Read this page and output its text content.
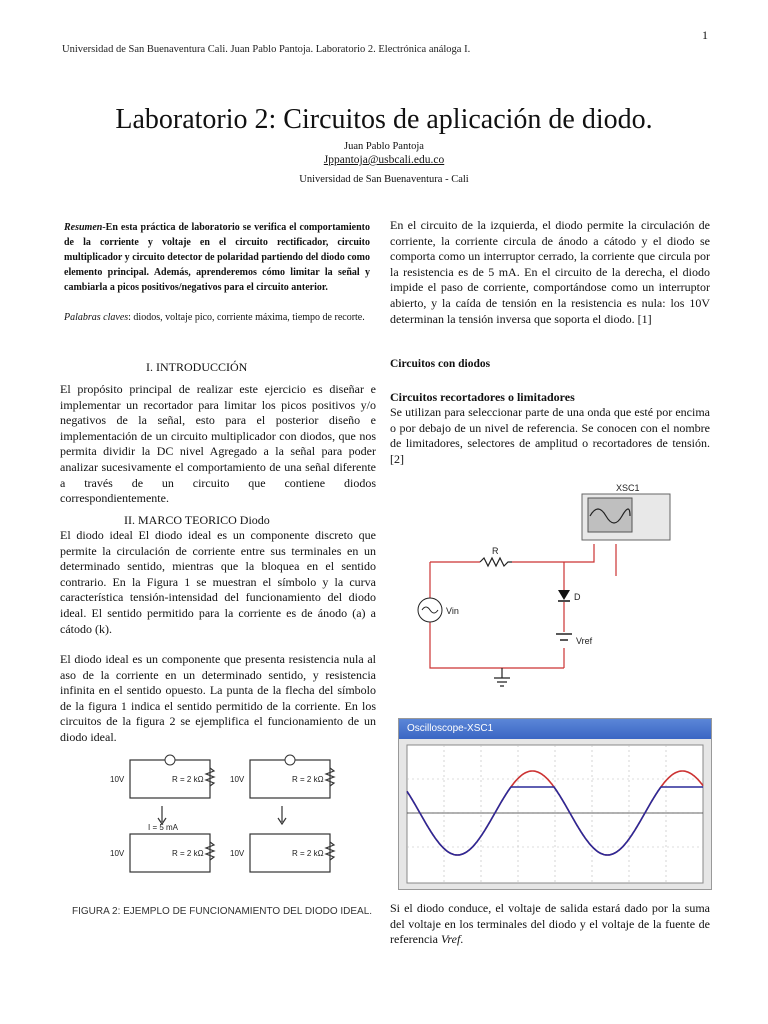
1
Universidad de San Buenaventura Cali. Juan Pablo Pantoja. Laboratorio 2. Electrónica análoga I.
Laboratorio 2: Circuitos de aplicación de diodo.
Juan Pablo Pantoja
Jppantoja@usbcali.edu.co
Universidad de San Buenaventura - Cali
Resumen-En esta práctica de laboratorio se verifica el comportamiento de la corriente y voltaje en el circuito rectificador, circuito multiplicador y circuito detector de polaridad partiendo del diodo como elemento principal. Además, aprenderemos cómo limitar la señal y cambiarla a picos positivos/negativos para el circuito anterior.
Palabras claves: diodos, voltaje pico, corriente máxima, tiempo de recorte.
I. INTRODUCCIÓN
El propósito principal de realizar este ejercicio es diseñar e implementar un recortador para limitar los picos positivos y/o negativos de la señal, esto para el posterior diseño e implementación de un circuito multiplicador con diodos, que nos permita dividir la DC nivel Agregado a la señal para poder analizar sucesivamente el comportamiento de una señal diferente a través de un circuito que contiene diodos correspondientemente.
II. MARCO TEORICO Diodo
El diodo ideal El diodo ideal es un componente discreto que permite la circulación de corriente entre sus terminales en un determinado sentido, mientras que la bloquea en el sentido contrario. En la Figura 1 se muestran el símbolo y la curva característica tensión-intensidad del funcionamiento del diodo ideal. El sentido permitido para la corriente es de ánodo (a) a cátodo (k).
El diodo ideal es un componente que presenta resistencia nula al aso de la corriente en un determinado sentido, y resistencia infinita en el sentido opuesto. La punta de la flecha del símbolo de la figura 1 indica el sentido permitido de la corriente. En los circuitos de la figura 2 se ejemplifica el funcionamiento de un diodo ideal.
10V	10V
10V	10V
R = 2 kΩ	R = 2 kΩ
R = 2 kΩ	R = 2 kΩ
I = 5 mA
FIGURA 2: EJEMPLO DE FUNCIONAMIENTO DEL DIODO IDEAL.
En el circuito de la izquierda, el diodo permite la circulación de corriente, la corriente circula de ánodo a cátodo y el diodo se comporta como un interruptor cerrado, la corriente que circula por la resistencia es de 5 mA. En el circuito de la derecha, el diodo impide el paso de corriente, comportándose como un interruptor abierto, y la caída de tensión en la resistencia es nula: los 10V determinan la tensión inversa que soporta el diodo. [1]
Circuitos con diodos
Circuitos recortadores o limitadores
Se utilizan para seleccionar parte de una onda que esté por encima o por debajo de un nivel de referencia. Se conocen con el nombre de limitadores, selectores de amplitud o recortadores de tensión.[2]
XSC1
R
D
Vin
Vref
Oscilloscope-XSC1
Si el diodo conduce, el voltaje de salida estará dado por la suma del voltaje en los terminales del diodo y el voltaje de la fuente de referencia Vref.
